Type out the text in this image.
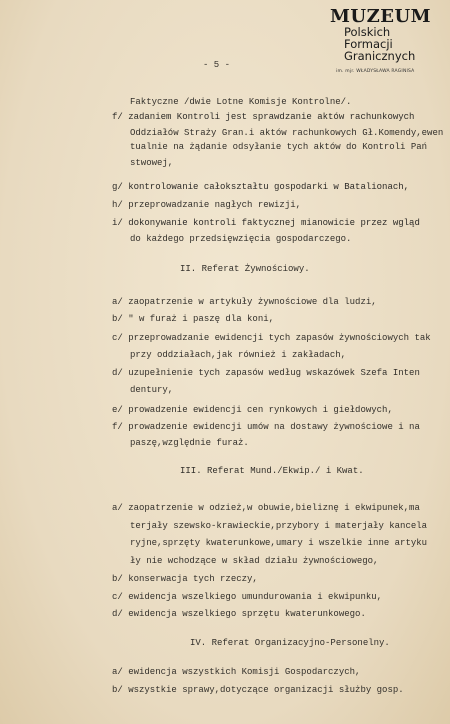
MUZEUM
Polskich
Formacji
Granicznych
im. mjr. WŁADYSŁAWA RAGINISA
- 5 -
Faktyczne /dwie Lotne Komisje Kontrolne/.
f/ zadaniem Kontroli jest sprawdzanie aktów rachunkowych
Oddziałów Straży Gran.i aktów rachunkowych Gł.Komendy,ewen
tualnie na żądanie odsyłanie tych aktów do Kontroli Pań
stwowej,
g/ kontrolowanie całokształtu gospodarki w Batalionach,
h/ przeprowadzanie nagłych rewizji,
i/ dokonywanie kontroli faktycznej mianowicie przez wgląd
do każdego przedsięwzięcia gospodarczego.
II. Referat Żywnościowy.
a/ zaopatrzenie w artykuły żywnościowe dla ludzi,
b/ " w furaż i paszę dla koni,
c/ przeprowadzanie ewidencji tych zapasów żywnościowych tak
przy oddziałach,jak również i zakładach,
d/ uzupełnienie tych zapasów według wskazówek Szefa Inten
dentury,
e/ prowadzenie ewidencji cen rynkowych i giełdowych,
f/ prowadzenie ewidencji umów na dostawy żywnościowe i na
paszę,względnie furaż.
III. Referat Mund./Ekwip./ i Kwat.
a/ zaopatrzenie w odzież,w obuwie,bieliznę i ekwipunek,ma
terjały szewsko-krawieckie,przybory i materjały kancela
ryjne,sprzęty kwaterunkowe,umary i wszelkie inne artyku
ły nie wchodzące w skład działu żywnościowego,
b/ konserwacja tych rzeczy,
c/ ewidencja wszelkiego umundurowania i ekwipunku,
d/ ewidencja wszelkiego sprzętu kwaterunkowego.
IV. Referat Organizacyjno-Personelny.
a/ ewidencja wszystkich Komisji Gospodarczych,
b/ wszystkie sprawy,dotyczące organizacji służby gosp.
